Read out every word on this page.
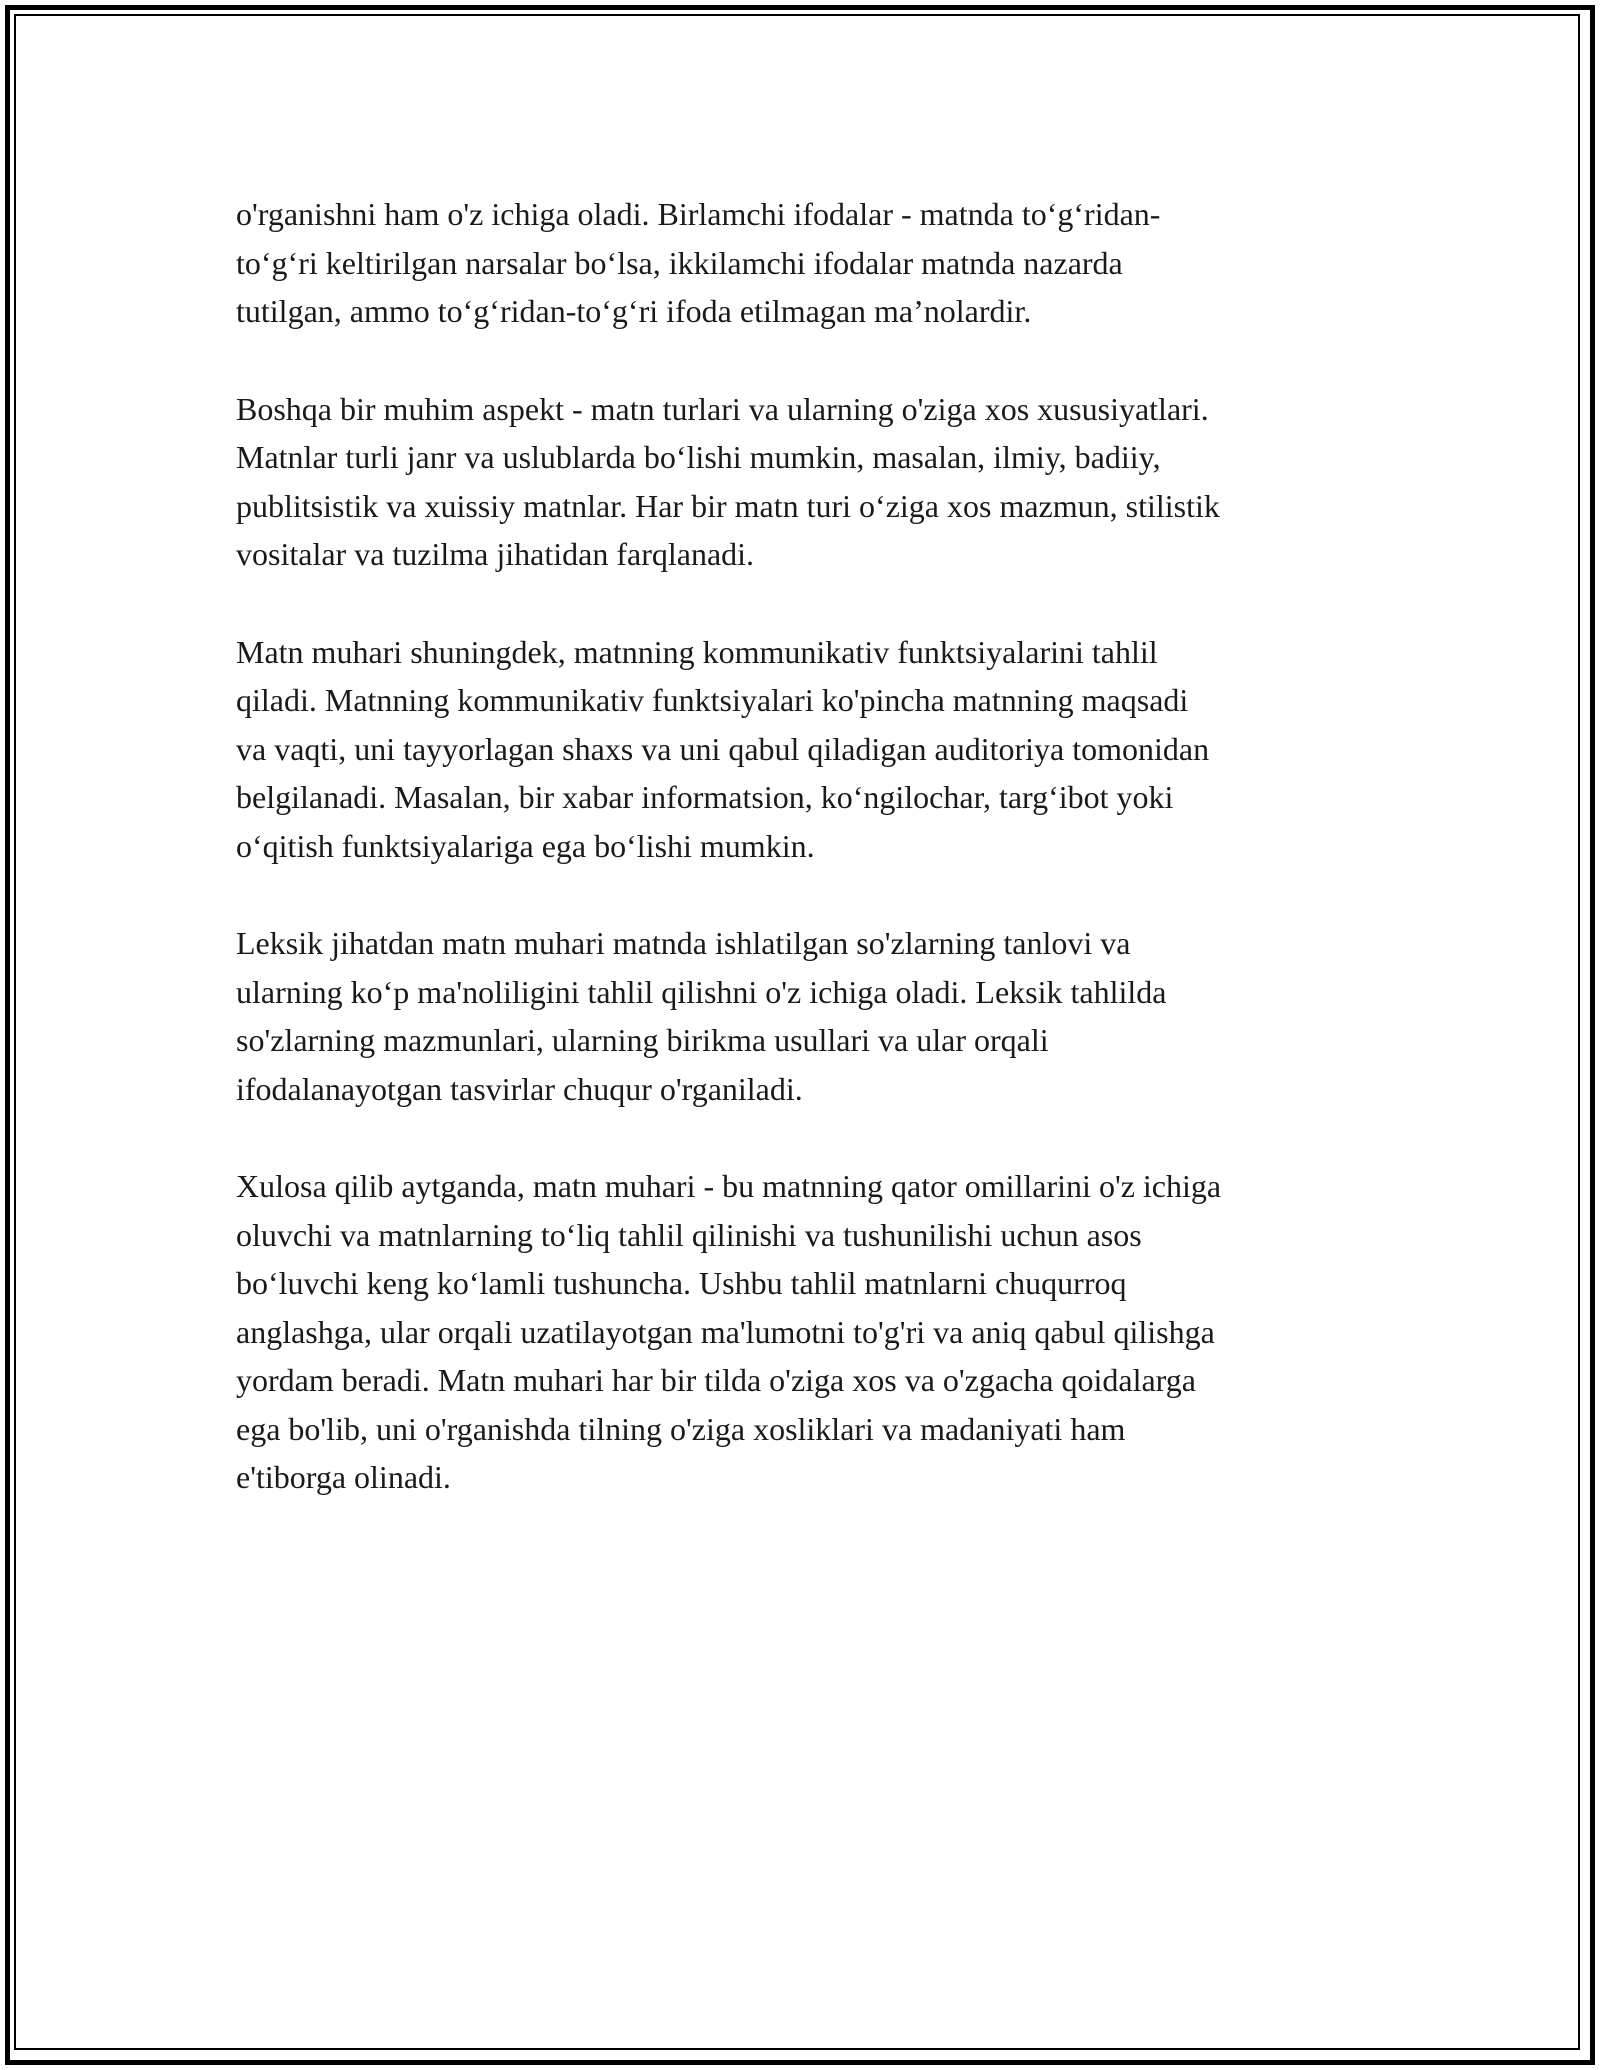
o'rganishni ham o'z ichiga oladi. Birlamchi ifodalar - matnda to‘g‘ridan-
to‘g‘ri keltirilgan narsalar bo‘lsa, ikkilamchi ifodalar matnda nazarda
tutilgan, ammo to‘g‘ridan-to‘g‘ri ifoda etilmagan ma’nolardir.

Boshqa bir muhim aspekt - matn turlari va ularning o'ziga xos xususiyatlari.
Matnlar turli janr va uslublarda bo‘lishi mumkin, masalan, ilmiy, badiiy,
publitsistik va xuissiy matnlar. Har bir matn turi o‘ziga xos mazmun, stilistik
vositalar va tuzilma jihatidan farqlanadi.

Matn muhari shuningdek, matnning kommunikativ funktsiyalarini tahlil
qiladi. Matnning kommunikativ funktsiyalari ko'pincha matnning maqsadi
va vaqti, uni tayyorlagan shaxs va uni qabul qiladigan auditoriya tomonidan
belgilanadi. Masalan, bir xabar informatsion, ko‘ngilochar, targ‘ibot yoki
o‘qitish funktsiyalariga ega bo‘lishi mumkin.

Leksik jihatdan matn muhari matnda ishlatilgan so'zlarning tanlovi va
ularning ko‘p ma'noliligini tahlil qilishni o'z ichiga oladi. Leksik tahlilda
so'zlarning mazmunlari, ularning birikma usullari va ular orqali
ifodalanayotgan tasvirlar chuqur o'rganiladi.

Xulosa qilib aytganda, matn muhari - bu matnning qator omillarini o'z ichiga
oluvchi va matnlarning to‘liq tahlil qilinishi va tushunilishi uchun asos
bo‘luvchi keng ko‘lamli tushuncha. Ushbu tahlil matnlarni chuqurroq
anglashga, ular orqali uzatilayotgan ma'lumotni to'g'ri va aniq qabul qilishga
yordam beradi. Matn muhari har bir tilda o'ziga xos va o'zgacha qoidalarga
ega bo'lib, uni o'rganishda tilning o'ziga xosliklari va madaniyati ham
e'tiborga olinadi.
